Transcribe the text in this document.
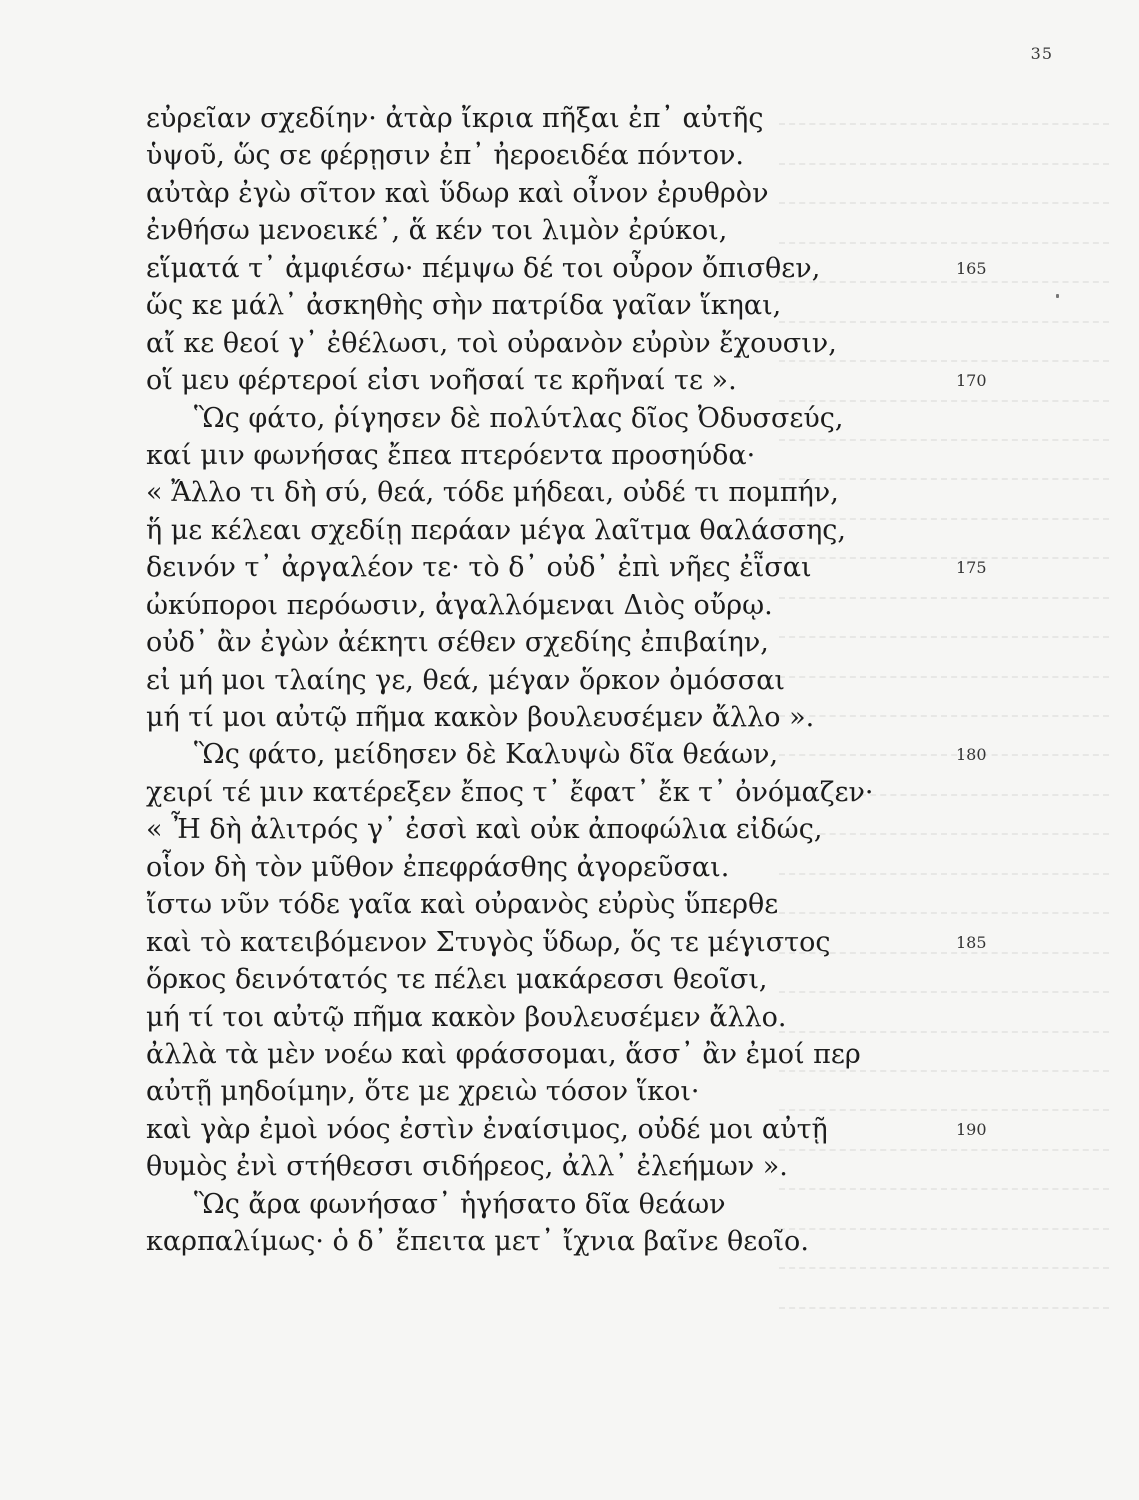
35
εὐρεῖαν σχεδίην· ἀτὰρ ἴκρια πῆξαι ἐπ᾽ αὐτῆς
ὑψοῦ, ὥς σε φέρῃσιν ἐπ᾽ ἠεροειδέα πόντον.
αὐτὰρ ἐγὼ σῖτον καὶ ὕδωρ καὶ οἶνον ἐρυθρὸν
ἐνθήσω μενοεικέ᾽, ἅ κέν τοι λιμὸν ἐρύκοι,
εἵματά τ᾽ ἀμφιέσω· πέμψω δέ τοι οὖρον ὄπισθεν,	165
ὥς κε μάλ᾽ ἀσκηθὴς σὴν πατρίδα γαῖαν ἵκηαι,
αἴ κε θεοί γ᾽ ἐθέλωσι, τοὶ οὐρανὸν εὐρὺν ἔχουσιν,
οἵ μευ φέρτεροί εἰσι νοῆσαί τε κρῆναί τε ».	170
Ὣς φάτο, ῥίγησεν δὲ πολύτλας δῖος Ὀδυσσεύς,
καί μιν φωνήσας ἔπεα πτερόεντα προσηύδα·
« Ἄλλο τι δὴ σύ, θεά, τόδε μήδεαι, οὐδέ τι πομπήν,
ἥ με κέλεαι σχεδίῃ περάαν μέγα λαῖτμα θαλάσσης,
δεινόν τ᾽ ἀργαλέον τε· τὸ δ᾽ οὐδ᾽ ἐπὶ νῆες ἐῗσαι	175
ὠκύποροι περόωσιν, ἀγαλλόμεναι Διὸς οὔρῳ.
οὐδ᾽ ἂν ἐγὼν ἀέκητι σέθεν σχεδίης ἐπιβαίην,
εἰ μή μοι τλαίης γε, θεά, μέγαν ὅρκον ὀμόσσαι
μή τί μοι αὐτῷ πῆμα κακὸν βουλευσέμεν ἄλλο ».
Ὣς φάτο, μείδησεν δὲ Καλυψὼ δῖα θεάων,	180
χειρί τέ μιν κατέρεξεν ἔπος τ᾽ ἔφατ᾽ ἔκ τ᾽ ὀνόμαζεν·
« Ἦ δὴ ἀλιτρός γ᾽ ἐσσὶ καὶ οὐκ ἀποφώλια εἰδώς,
οἷον δὴ τὸν μῦθον ἐπεφράσθης ἀγορεῦσαι.
ἴστω νῦν τόδε γαῖα καὶ οὐρανὸς εὐρὺς ὕπερθε
καὶ τὸ κατειβόμενον Στυγὸς ὕδωρ, ὅς τε μέγιστος	185
ὅρκος δεινότατός τε πέλει μακάρεσσι θεοῖσι,
μή τί τοι αὐτῷ πῆμα κακὸν βουλευσέμεν ἄλλο.
ἀλλὰ τὰ μὲν νοέω καὶ φράσσομαι, ἅσσ᾽ ἂν ἐμοί περ
αὐτῇ μηδοίμην, ὅτε με χρειὼ τόσον ἵκοι·
καὶ γὰρ ἐμοὶ νόος ἐστὶν ἐναίσιμος, οὐδέ μοι αὐτῇ	190
θυμὸς ἐνὶ στήθεσσι σιδήρεος, ἀλλ᾽ ἐλεήμων ».
Ὣς ἄρα φωνήσασ᾽ ἡγήσατο δῖα θεάων
καρπαλίμως· ὁ δ᾽ ἔπειτα μετ᾽ ἴχνια βαῖνε θεοῖο.
